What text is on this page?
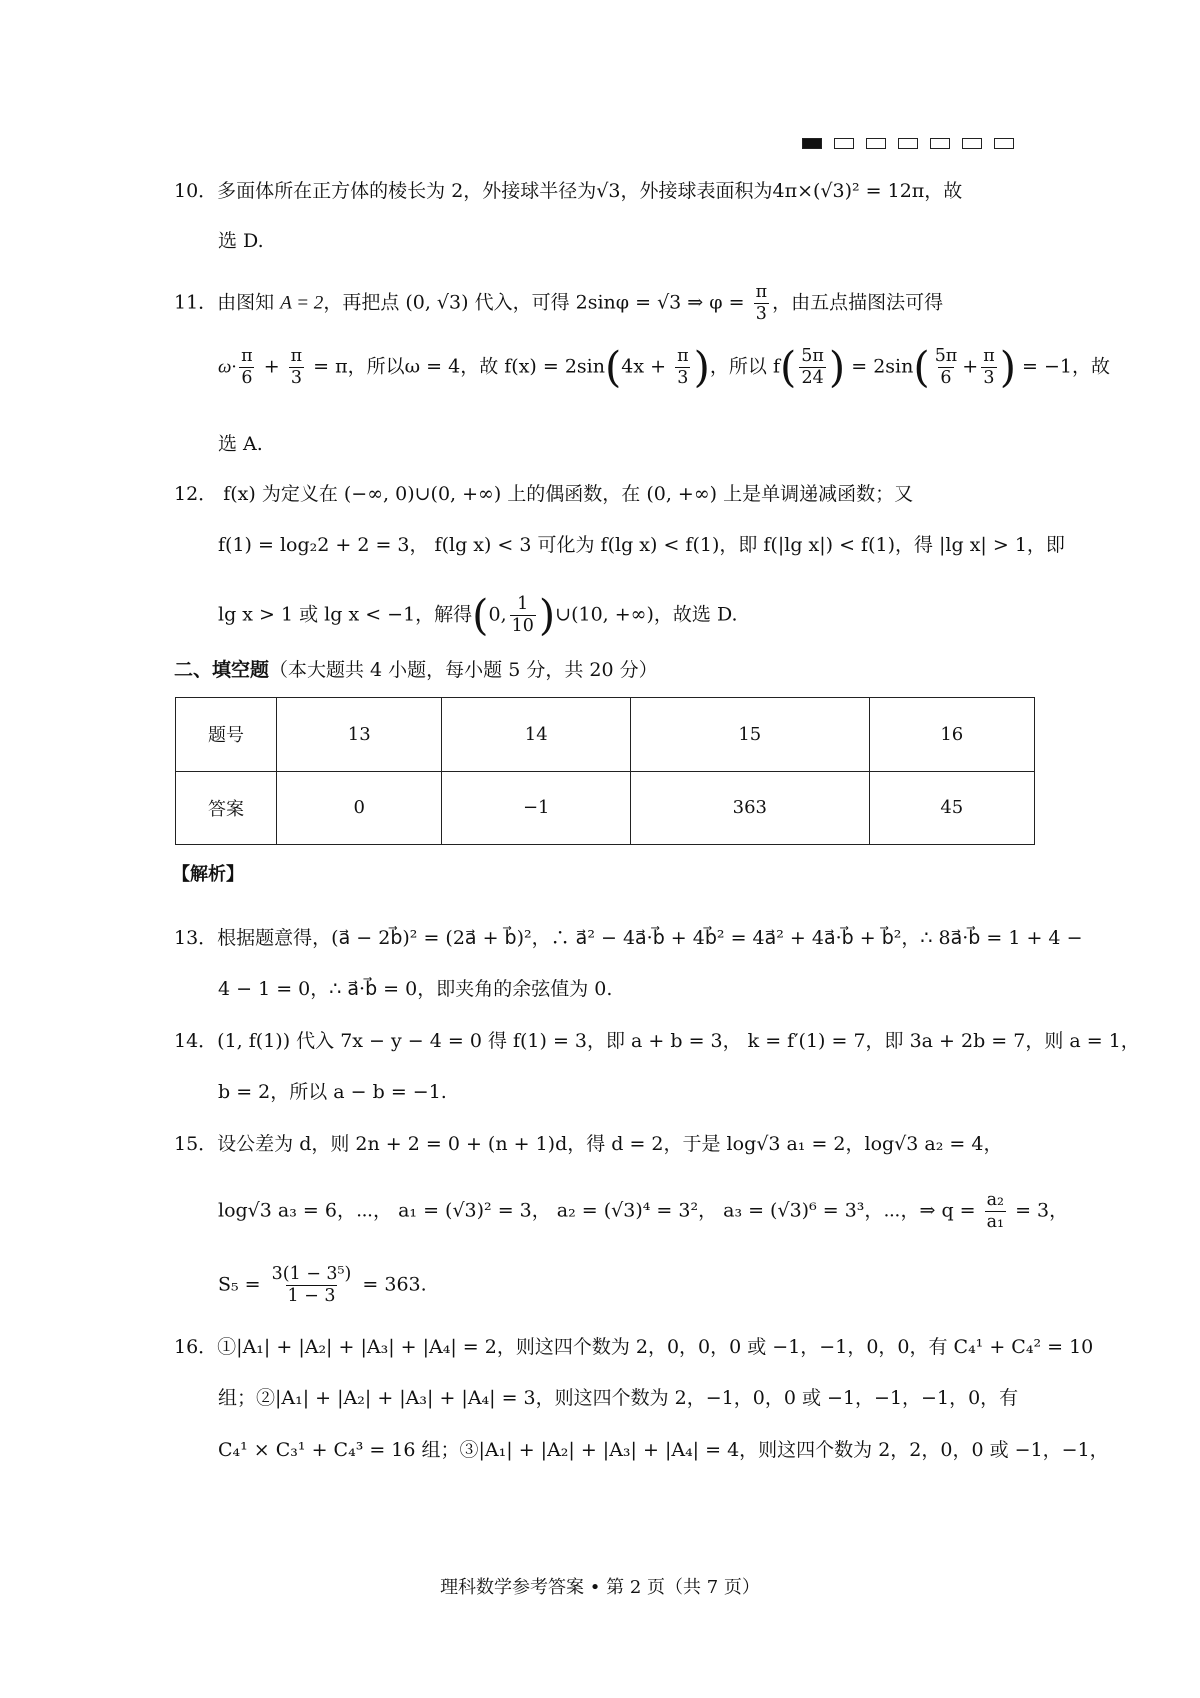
10．多面体所在正方体的棱长为 2，外接球半径为√3，外接球表面积为4π×(√3)² = 12π，故
选 D.
11．由图知 A = 2，再把点 (0, √3) 代入，可得 2sinφ = √3 ⇒ $\varphi = \frac{\pi}{3}$ ，由五点描图法可得
$\omega\cdot \frac{\pi}{6} + \frac{\pi}{3} = \pi$，所以ω = 4，故 $f(x) = 2\sin(4x + \frac{\pi}{3}$ )，所以 $f( \frac{5\pi}{24}$ ) = $2\sin( \frac{5\pi}{6} + \frac{\pi}{3}$ ) = −1，故
选 A.
12． f(x) 为定义在 (−∞, 0)∪(0, +∞) 上的偶函数，在 (0, +∞) 上是单调递减函数；又
f(1) = log₂2 + 2 = 3， f(lg x) < 3 可化为 f(lg x) < f(1)，即 f(|lg x|) < f(1)，得 |lg x| > 1，即
lg x > 1 或 lg x < −1，解得(0, $\frac{1}{10}$ )∪(10, +∞)，故选 D.
二、填空题（本大题共 4 小题，每小题 5 分，共 20 分）
题号	13	14	15	16
答案	0	−1	363	45
【解析】
13．根据题意得，(a⃗ − 2b⃗)² = (2a⃗ + b⃗)²，∴ a⃗² − 4a⃗·b⃗ + 4b⃗² = 4a⃗² + 4a⃗·b⃗ + b⃗²，∴ 8a⃗·b⃗ = 1 + 4 −
4 − 1 = 0，∴ a⃗·b⃗ = 0，即夹角的余弦值为 0.
14．(1, f(1)) 代入 7x − y − 4 = 0 得 f(1) = 3，即 a + b = 3， k = f′(1) = 7，即 3a + 2b = 7，则 a = 1，
b = 2，所以 a − b = −1.
15．设公差为 d，则 2n + 2 = 0 + (n + 1)d，得 d = 2，于是 log√3 a₁ = 2，log√3 a₂ = 4，
log√3 a₃ = 6，⋯， a₁ = (√3)² = 3， a₂ = (√3)⁴ = 3²， a₃ = (√3)⁶ = 3³，⋯，⇒ $q = \frac{\text{a₂}}{\text{a₁}} = 3$，
$S_5 = \frac{\text{3(1 − 3⁵)}}{1 - 3} = 363$.
16．①|A₁| + |A₂| + |A₃| + |A₄| = 2，则这四个数为 2，0，0，0 或 −1，−1，0，0，有 C₄¹ + C₄² = 10
组；②|A₁| + |A₂| + |A₃| + |A₄| = 3，则这四个数为 2，−1，0，0 或 −1，−1，−1，0，有
C₄¹ × C₃¹ + C₄³ = 16 组；③|A₁| + |A₂| + |A₃| + |A₄| = 4，则这四个数为 2，2，0，0 或 −1，−1，
理科数学参考答案 • 第 2 页（共 7 页）
